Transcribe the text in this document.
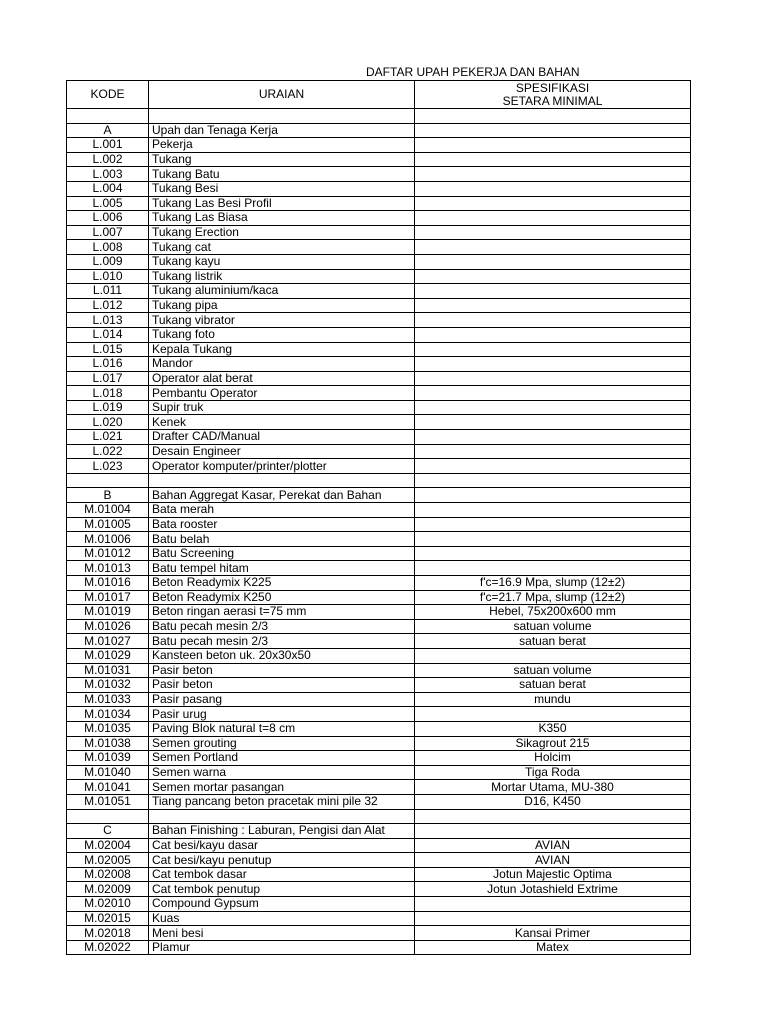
DAFTAR UPAH PEKERJA DAN BAHAN
KODE	URAIAN	SPESIFIKASI
SETARA MINIMAL

A	Upah dan Tenaga Kerja	
L.001	Pekerja	
L.002	Tukang	
L.003	Tukang Batu	
L.004	Tukang Besi	
L.005	Tukang Las Besi Profil	
L.006	Tukang Las Biasa	
L.007	Tukang Erection	
L.008	Tukang cat	
L.009	Tukang kayu	
L.010	Tukang listrik	
L.011	Tukang aluminium/kaca	
L.012	Tukang pipa	
L.013	Tukang vibrator	
L.014	Tukang foto	
L.015	Kepala Tukang	
L.016	Mandor	
L.017	Operator alat berat	
L.018	Pembantu Operator	
L.019	Supir truk	
L.020	Kenek	
L.021	Drafter CAD/Manual	
L.022	Desain Engineer	
L.023	Operator komputer/printer/plotter	

B	Bahan Aggregat Kasar, Perekat dan Bahan	
M.01004	Bata merah	
M.01005	Bata rooster	
M.01006	Batu belah	
M.01012	Batu Screening	
M.01013	Batu tempel hitam	
M.01016	Beton Readymix K225	f'c=16.9 Mpa, slump (12±2)
M.01017	Beton Readymix K250	f'c=21.7 Mpa, slump (12±2)
M.01019	Beton ringan aerasi t=75 mm	Hebel, 75x200x600 mm
M.01026	Batu pecah mesin 2/3	satuan volume
M.01027	Batu pecah mesin 2/3	satuan berat
M.01029	Kansteen beton uk. 20x30x50	
M.01031	Pasir beton	satuan volume
M.01032	Pasir beton	satuan berat
M.01033	Pasir pasang	mundu
M.01034	Pasir urug	
M.01035	Paving Blok natural t=8 cm	K350
M.01038	Semen grouting	Sikagrout 215
M.01039	Semen Portland	Holcim
M.01040	Semen warna	Tiga Roda
M.01041	Semen mortar pasangan	Mortar Utama, MU-380
M.01051	Tiang pancang beton pracetak mini pile 32	D16, K450

C	Bahan Finishing : Laburan, Pengisi dan Alat	
M.02004	Cat besi/kayu dasar	AVIAN
M.02005	Cat besi/kayu penutup	AVIAN
M.02008	Cat tembok dasar	Jotun Majestic Optima
M.02009	Cat tembok penutup	Jotun Jotashield Extrime
M.02010	Compound Gypsum	
M.02015	Kuas	
M.02018	Meni besi	Kansai Primer
M.02022	Plamur	Matex
